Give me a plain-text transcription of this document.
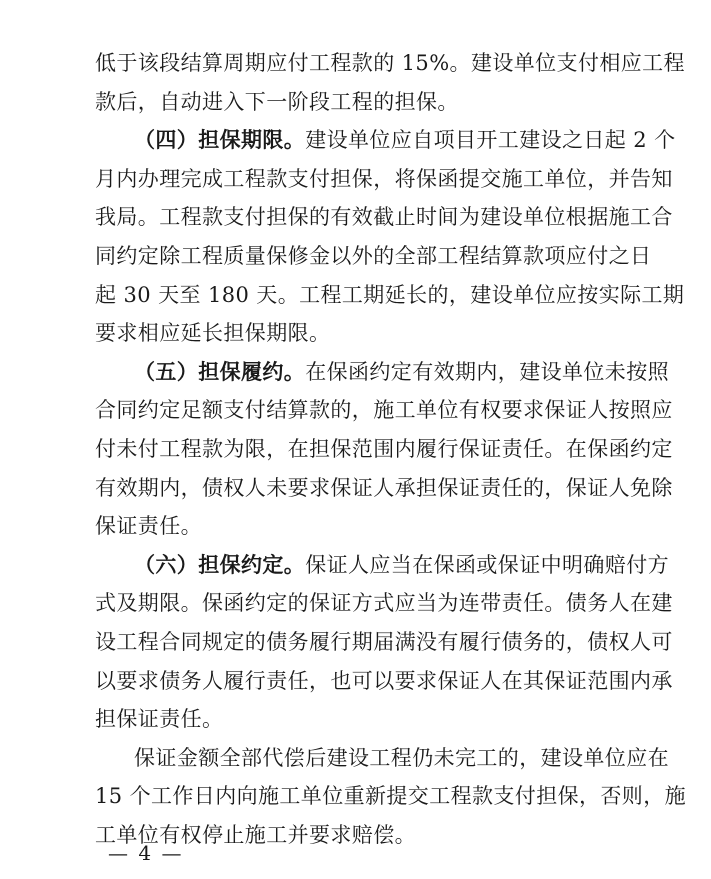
低于该段结算周期应付工程款的 15%。建设单位支付相应工程
款后，自动进入下一阶段工程的担保。
（四）担保期限。建设单位应自项目开工建设之日起 2 个
月内办理完成工程款支付担保，将保函提交施工单位，并告知
我局。工程款支付担保的有效截止时间为建设单位根据施工合
同约定除工程质量保修金以外的全部工程结算款项应付之日
起 30 天至 180 天。工程工期延长的，建设单位应按实际工期
要求相应延长担保期限。
（五）担保履约。在保函约定有效期内，建设单位未按照
合同约定足额支付结算款的，施工单位有权要求保证人按照应
付未付工程款为限，在担保范围内履行保证责任。在保函约定
有效期内，债权人未要求保证人承担保证责任的，保证人免除
保证责任。
（六）担保约定。保证人应当在保函或保证中明确赔付方
式及期限。保函约定的保证方式应当为连带责任。债务人在建
设工程合同规定的债务履行期届满没有履行债务的，债权人可
以要求债务人履行责任，也可以要求保证人在其保证范围内承
担保证责任。
保证金额全部代偿后建设工程仍未完工的，建设单位应在
15 个工作日内向施工单位重新提交工程款支付担保，否则，施
工单位有权停止施工并要求赔偿。
— 4 —
